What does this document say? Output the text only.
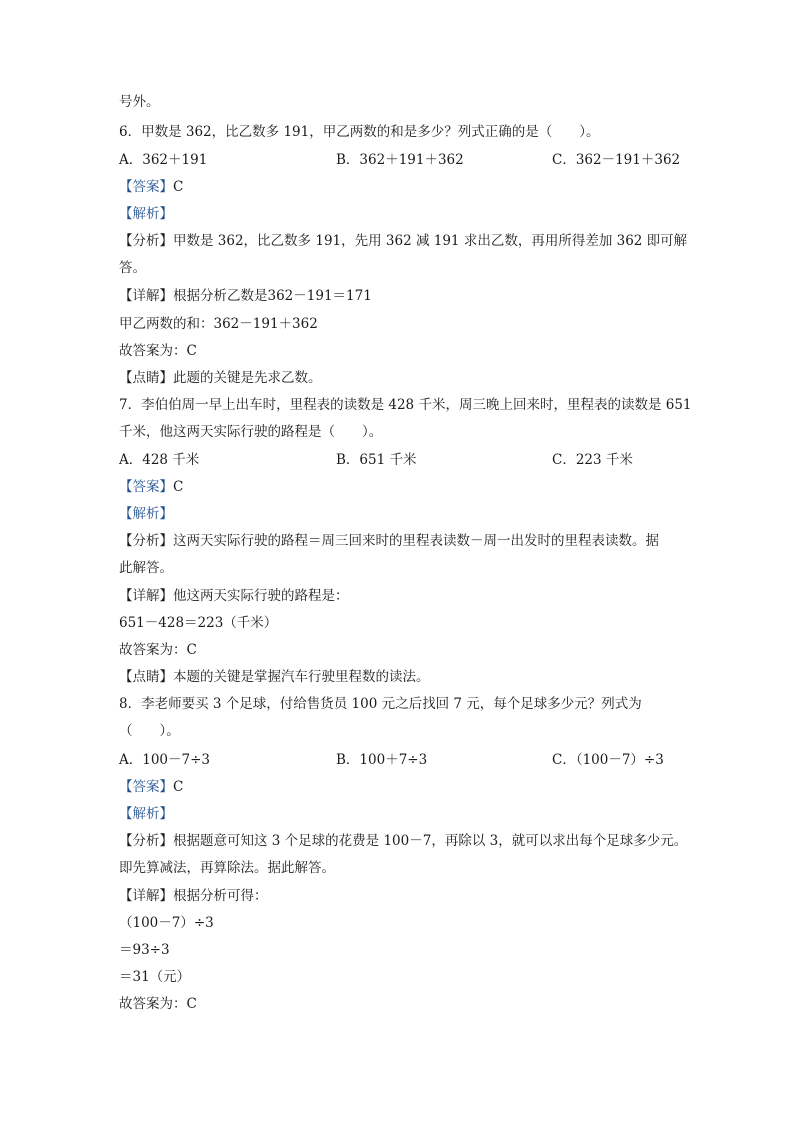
号外。
6．甲数是 362，比乙数多 191，甲乙两数的和是多少？列式正确的是（　　）。
A．362＋191	B．362＋191＋362	C．362－191＋362
【答案】C
【解析】
【分析】甲数是 362，比乙数多 191，先用 362 减 191 求出乙数，再用所得差加 362 即可解
答。
【详解】根据分析乙数是362－191＝171
甲乙两数的和：362－191＋362
故答案为：C
【点睛】此题的关键是先求乙数。
7．李伯伯周一早上出车时，里程表的读数是 428 千米，周三晚上回来时，里程表的读数是 651
千米，他这两天实际行驶的路程是（　　）。
A．428 千米	B．651 千米	C．223 千米
【答案】C
【解析】
【分析】这两天实际行驶的路程＝周三回来时的里程表读数－周一出发时的里程表读数。据
此解答。
【详解】他这两天实际行驶的路程是：
651－428＝223（千米）
故答案为：C
【点睛】本题的关键是掌握汽车行驶里程数的读法。
8．李老师要买 3 个足球，付给售货员 100 元之后找回 7 元，每个足球多少元？列式为
（　　）。
A．100－7÷3	B．100＋7÷3	C．（100－7）÷3
【答案】C
【解析】
【分析】根据题意可知这 3 个足球的花费是 100－7，再除以 3，就可以求出每个足球多少元。
即先算减法，再算除法。据此解答。
【详解】根据分析可得：
（100－7）÷3
＝93÷3
＝31（元）
故答案为：C
